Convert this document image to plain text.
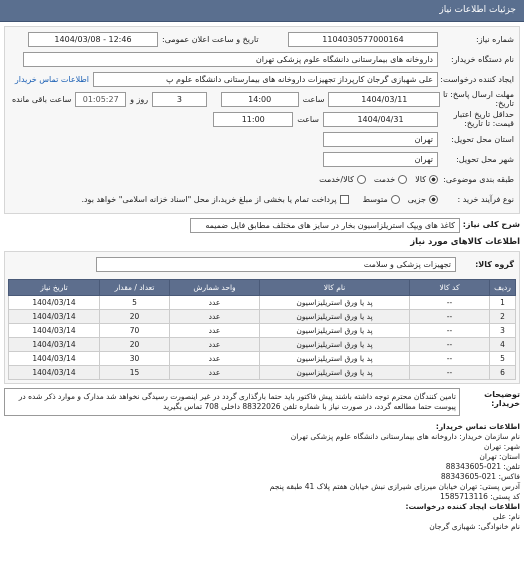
جزئیات اطلاعات نیاز
شماره نیاز:
1104030577000164
تاریخ و ساعت اعلان عمومی:
1404/03/08 - 12:46
نام دستگاه خریدار:
داروخانه های بیمارستانی دانشگاه علوم پزشکی تهران
ایجاد کننده درخواست:
علی شهبازی گرجان کارپرداز تجهیزات داروخانه های بیمارستانی دانشگاه علوم پ
اطلاعات تماس خریدار
مهلت ارسال پاسخ: تا تاریخ:
1404/03/11
ساعت
14:00
3
روز و
01:05:27
ساعت باقی مانده
حداقل تاریخ اعتبار قیمت: تا تاریخ:
1404/04/31
ساعت
11:00
استان محل تحویل:
تهران
شهر محل تحویل:
تهران
طبقه بندی موضوعی:
کالا
خدمت
کالا/خدمت
نوع فرآیند خرید :
جزیی
متوسط
پرداخت تمام یا بخشی از مبلغ خرید،از محل "اسناد خزانه اسلامی" خواهد بود.
شرح کلی نیاز:
کاغذ های ویپک استریلزاسیون بخار در سایز های مختلف مطابق فایل ضمیمه
اطلاعات کالاهای مورد نیاز
گروه کالا:
تجهیزات پزشکی و سلامت
ردیف	کد کالا	نام کالا	واحد شمارش	تعداد / مقدار	تاریخ نیاز
1	--	پد یا ورق استریلیزاسیون	عدد	5	1404/03/14
2	--	پد یا ورق استریلیزاسیون	عدد	20	1404/03/14
3	--	پد یا ورق استریلیزاسیون	عدد	70	1404/03/14
4	--	پد یا ورق استریلیزاسیون	عدد	20	1404/03/14
5	--	پد یا ورق استریلیزاسیون	عدد	30	1404/03/14
6	--	پد یا ورق استریلیزاسیون	عدد	15	1404/03/14
توضیحات خریدار:
تامین کنندگان محترم توجه داشته باشند پیش فاکتور باید حتما بارگذاری گردد در غیر اینصورت رسیدگی نخواهد شد مدارک و موارد ذکر شده در پیوست حتما مطالعه گردد، در صورت نیاز با شماره تلفن 88322026 داخلی 708 تماس بگیرید
اطلاعات تماس خریدار:
نام سازمان خریدار: داروخانه های بیمارستانی دانشگاه علوم پزشکی تهران
شهر: تهران
استان: تهران
تلفن: 021-88343605
فاکس: 021-88343605
آدرس پستی: تهران خیابان میرزای شیرازی نبش خیابان هفتم پلاک 41 طبقه پنجم
کد پستی: 1585713116
اطلاعات ایجاد کننده درخواست:
نام: علی
نام خانوادگی: شهبازی گرجان
